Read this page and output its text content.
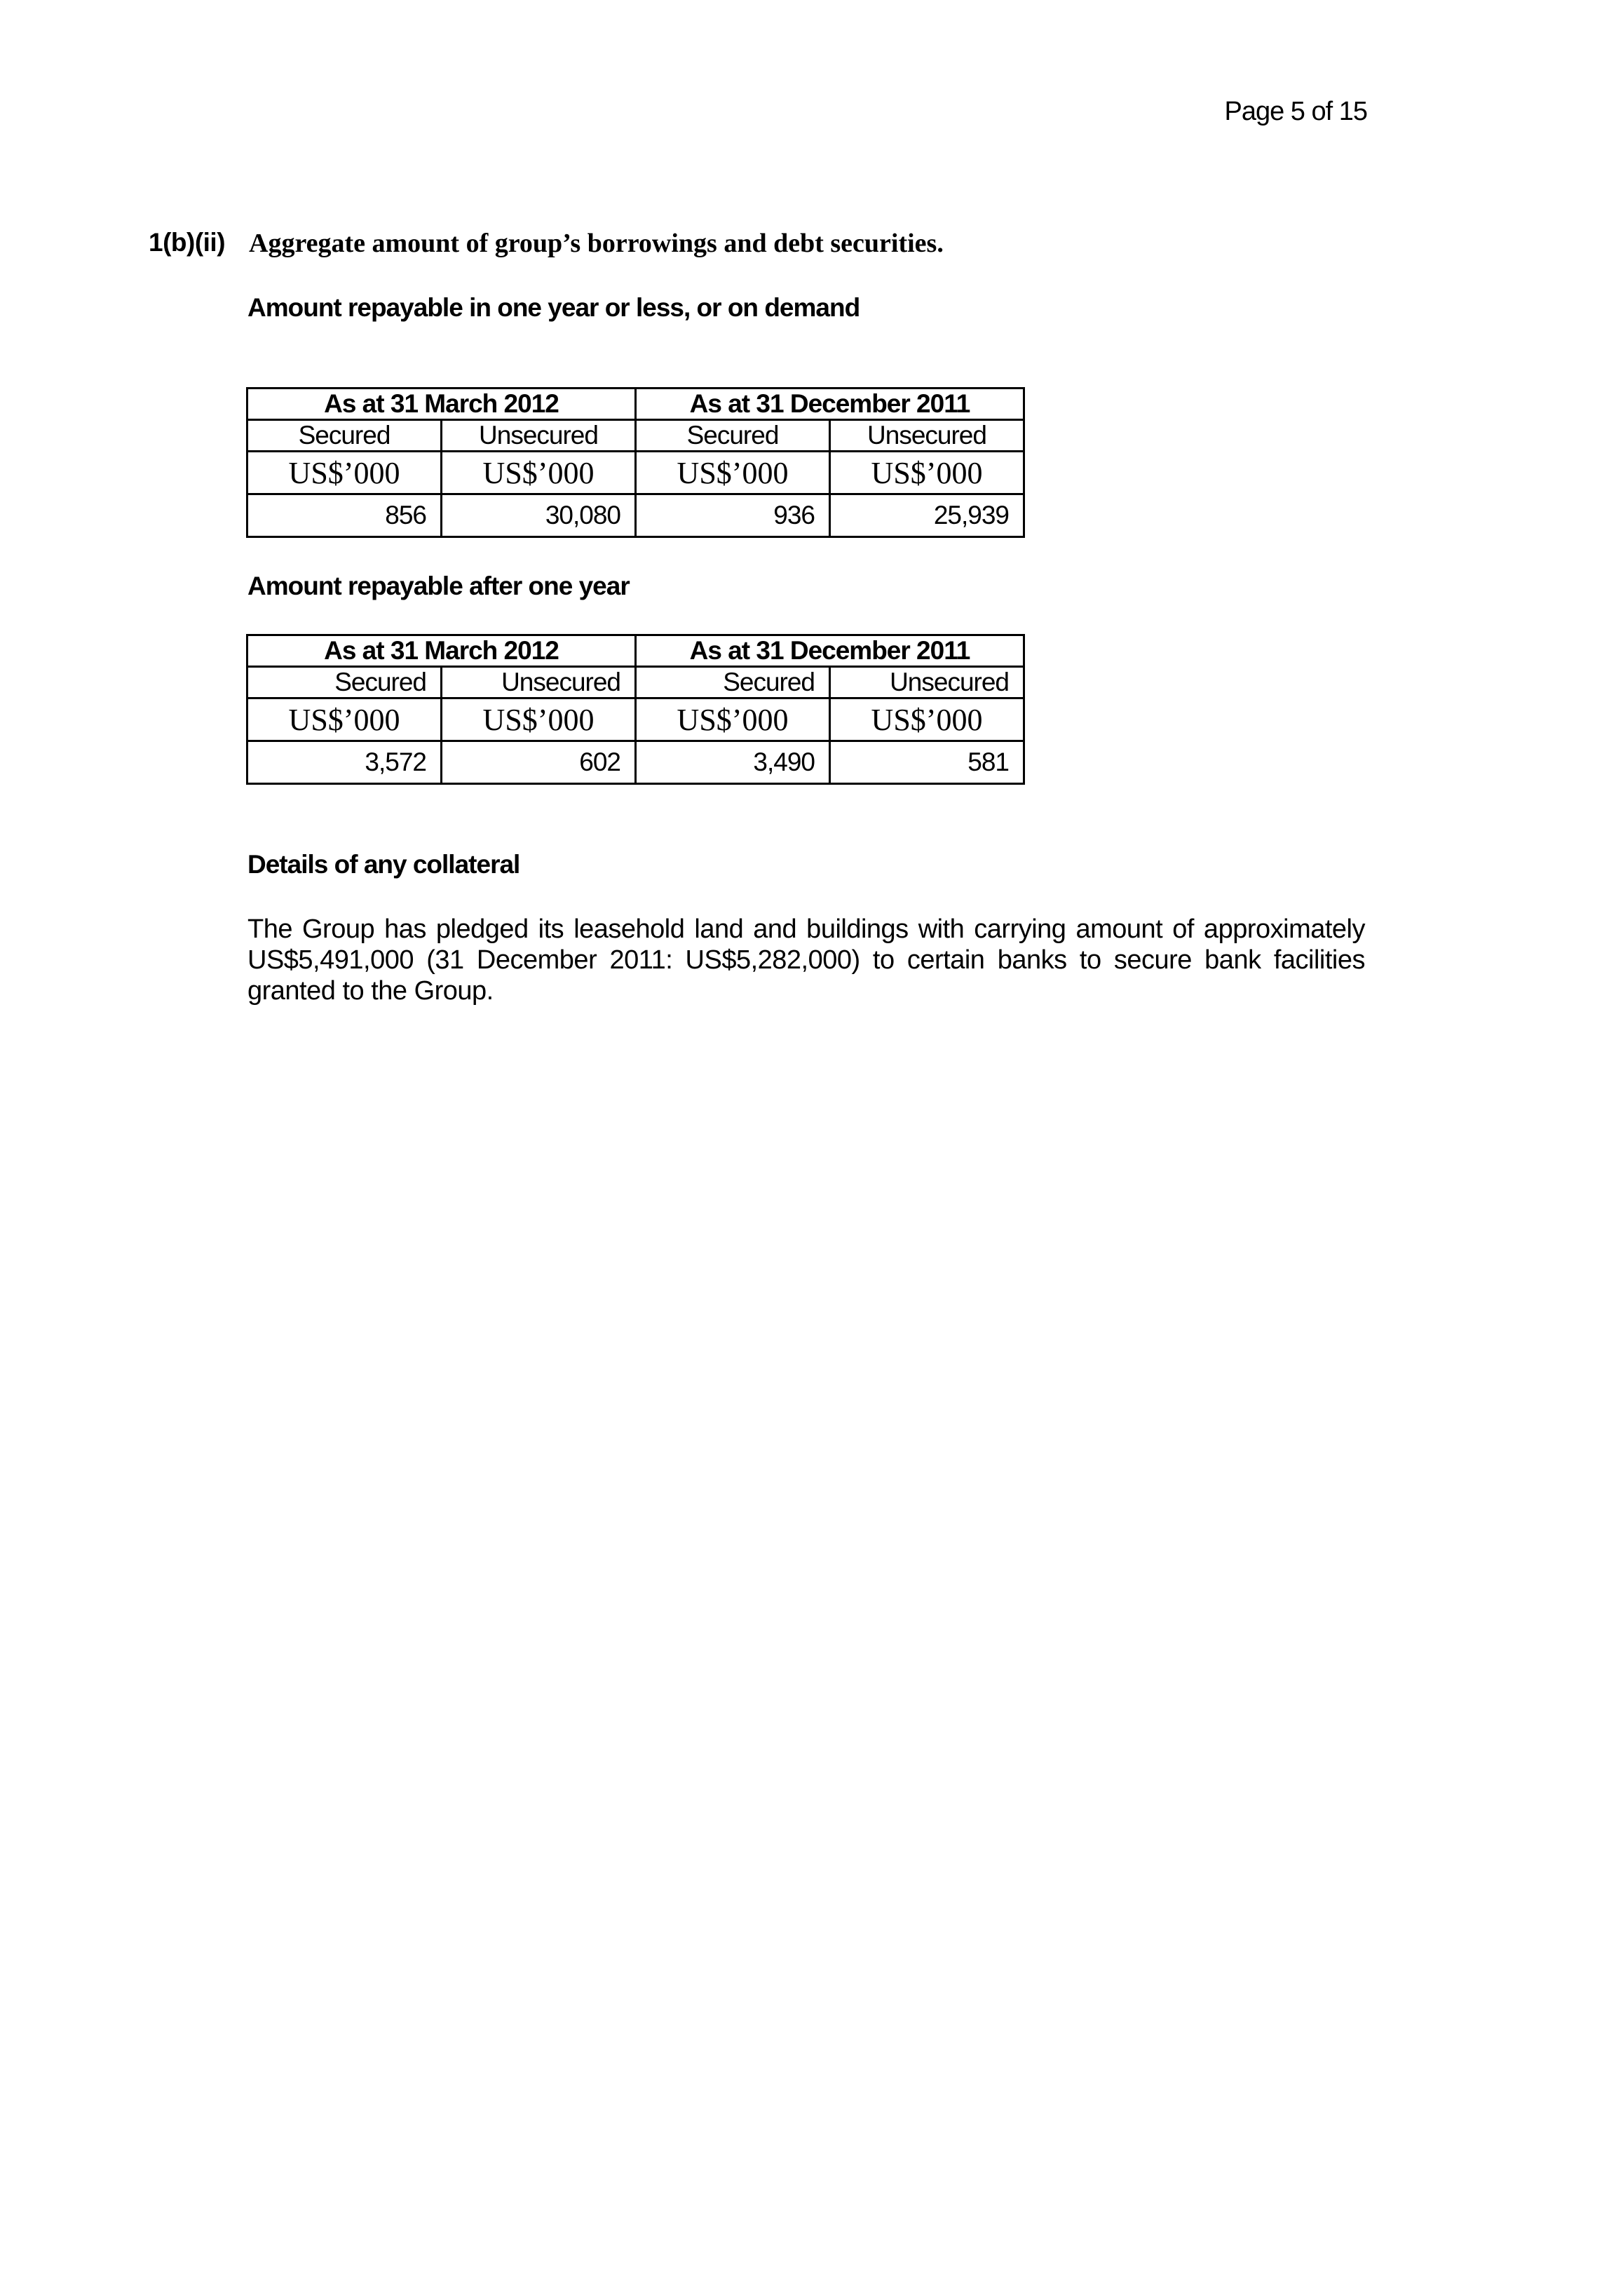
Page 5 of 15
1(b)(ii) Aggregate amount of group’s borrowings and debt securities.
Amount repayable in one year or less, or on demand
As at 31 March 2012		As at 31 December 2011	
Secured	Unsecured	Secured	Unsecured
US$’000	US$’000	US$’000	US$’000
856	30,080	936	25,939
Amount repayable after one year
As at 31 March 2012		As at 31 December 2011	
Secured	Unsecured	Secured	Unsecured
US$’000	US$’000	US$’000	US$’000
3,572	602	3,490	581
Details of any collateral
The Group has pledged its leasehold land and buildings with carrying amount of approximately US$5,491,000 (31 December 2011: US$5,282,000) to certain banks to secure bank facilities granted to the Group.
